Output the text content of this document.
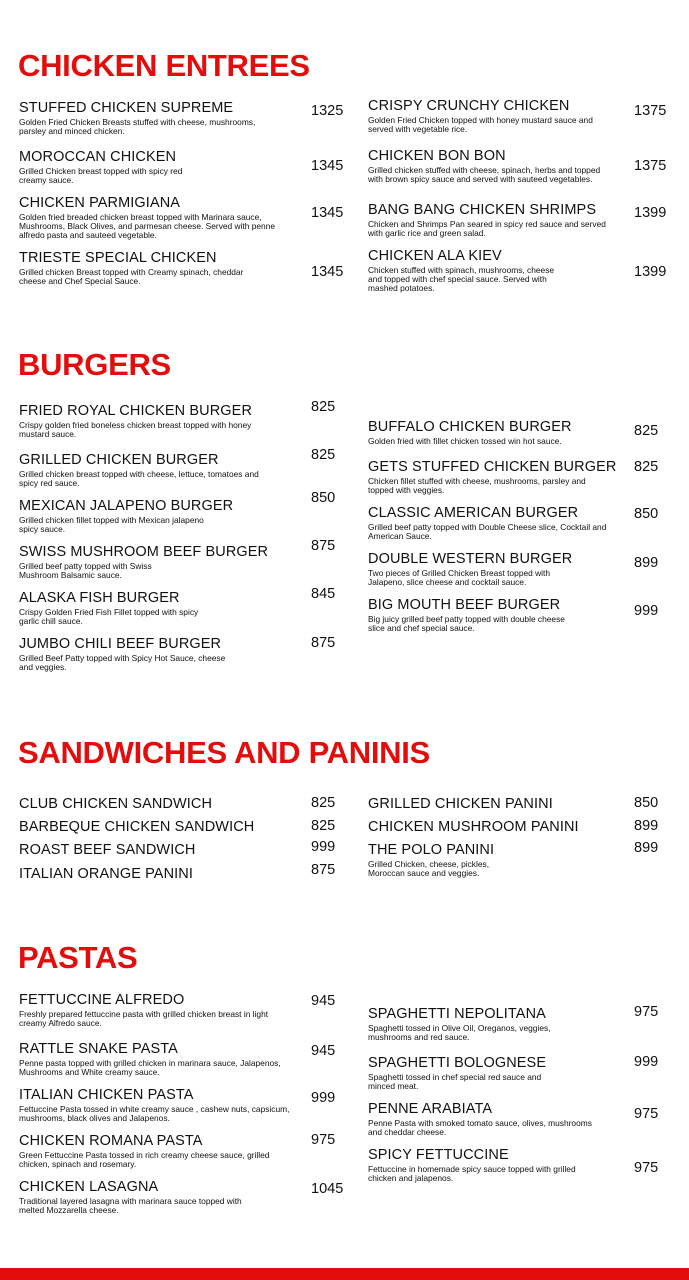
CHICKEN ENTREES
STUFFED CHICKEN SUPREME
Golden Fried Chicken Breasts stuffed with cheese, mushrooms, parsley and minced chicken.
1325
MOROCCAN CHICKEN
Grilled Chicken breast topped with spicy red creamy sauce.
1345
CHICKEN PARMIGIANA
Golden fried breaded chicken breast topped with Marinara sauce, Mushrooms, Black Olives, and parmesan cheese. Served with penne alfredo pasta and sauteed vegetable.
1345
TRIESTE SPECIAL CHICKEN
Grilled chicken Breast topped with Creamy spinach, cheddar cheese and Chef Special Sauce.
1345
CRISPY CRUNCHY CHICKEN
Golden Fried Chicken topped with honey mustard sauce and served with vegetable rice.
1375
CHICKEN BON BON
Grilled chicken stuffed with cheese, spinach, herbs and topped with brown spicy sauce and served with sauteed vegetables.
1375
BANG BANG CHICKEN SHRIMPS
Chicken and Shrimps Pan seared in spicy red sauce and served with garlic rice and green salad.
1399
CHICKEN ALA KIEV
Chicken stuffed with spinach, mushrooms, cheese and topped with chef special sauce. Served with mashed potatoes.
1399
BURGERS
FRIED ROYAL CHICKEN BURGER
Crispy golden fried boneless chicken breast topped with honey mustard sauce.
825
GRILLED CHICKEN BURGER
Grilled chicken breast topped with cheese, lettuce, tomatoes and spicy red sauce.
825
MEXICAN JALAPENO BURGER
Grilled chicken fillet topped with Mexican jalapeno spicy sauce.
850
SWISS MUSHROOM BEEF BURGER
Grilled beef patty topped with Swiss Mushroom Balsamic sauce.
875
ALASKA FISH BURGER
Crispy Golden Fried Fish Fillet topped with spicy garlic chill sauce.
845
JUMBO CHILI BEEF BURGER
Grilled Beef Patty topped with Spicy Hot Sauce, cheese and veggies.
875
BUFFALO CHICKEN BURGER
Golden fried with fillet chicken tossed win hot sauce.
825
GETS STUFFED CHICKEN BURGER
Chicken fillet stuffed with cheese, mushrooms, parsley and topped with veggies.
825
CLASSIC AMERICAN BURGER
Grilled beef patty topped with Double Cheese slice, Cocktail and American Sauce.
850
DOUBLE WESTERN BURGER
Two pieces of Grilled Chicken Breast topped with Jalapeno, slice cheese and cocktail sauce.
899
BIG MOUTH BEEF BURGER
Big juicy grilled beef patty topped with double cheese slice and chef special sauce.
999
SANDWICHES AND PANINIS
CLUB CHICKEN SANDWICH	825
BARBEQUE CHICKEN SANDWICH	825
ROAST BEEF SANDWICH	999
ITALIAN ORANGE PANINI	875
GRILLED CHICKEN PANINI	850
CHICKEN MUSHROOM PANINI	899
THE POLO PANINI
Grilled Chicken, cheese, pickles, Moroccan sauce and veggies.
899
PASTAS
FETTUCCINE ALFREDO
Freshly prepared fettuccine pasta with grilled chicken breast in light creamy Alfredo sauce.
945
RATTLE SNAKE PASTA
Penne pasta topped with grilled chicken in marinara sauce, Jalapenos, Mushrooms and White creamy sauce.
945
ITALIAN CHICKEN PASTA
Fettuccine Pasta tossed in white creamy sauce , cashew nuts, capsicum, mushrooms, black olives and Jalapenos.
999
CHICKEN ROMANA PASTA
Green Fettuccine Pasta tossed in rich creamy cheese sauce, grilled chicken, spinach and rosemary.
975
CHICKEN LASAGNA
Traditional layered lasagna with marinara sauce topped with melted Mozzarella cheese.
1045
SPAGHETTI NEPOLITANA
Spaghetti tossed in Olive Oil, Oreganos, veggies, mushrooms and red sauce.
975
SPAGHETTI BOLOGNESE
Spaghetti tossed in chef special red sauce and minced meat.
999
PENNE ARABIATA
Penne Pasta with smoked tomato sauce, olives, mushrooms and cheddar cheese.
975
SPICY FETTUCCINE
Fettuccine in homemade spicy sauce topped with grilled chicken and jalapenos.
975
